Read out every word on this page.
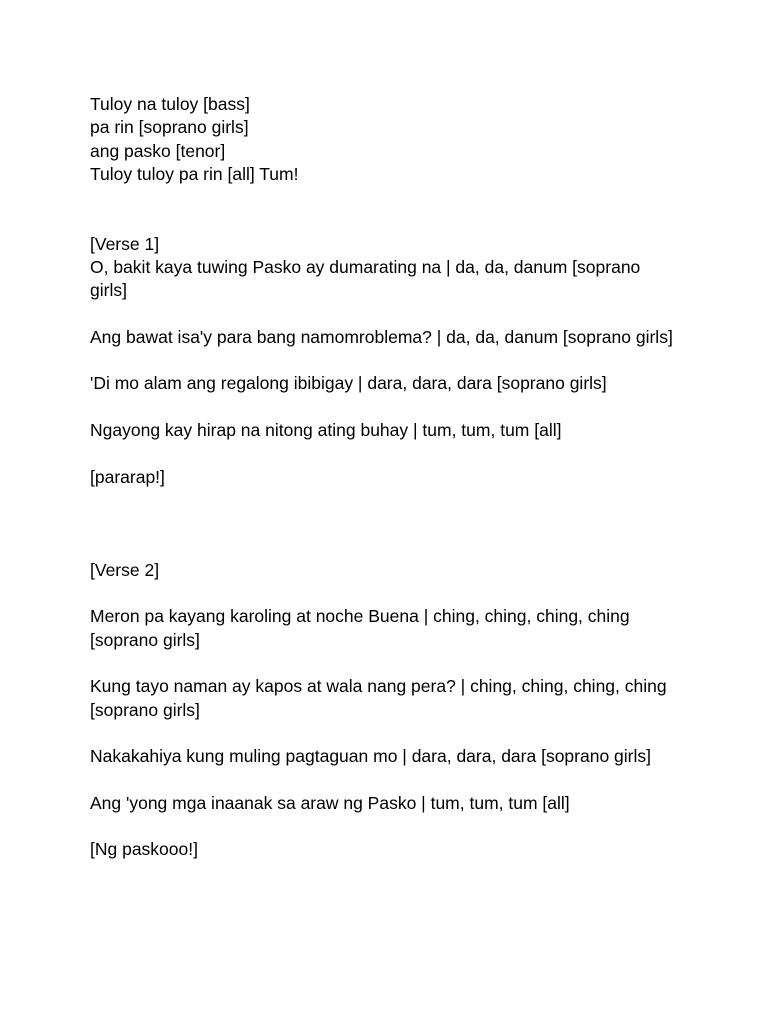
Tuloy na tuloy [bass]
pa rin [soprano girls]
ang pasko [tenor]
Tuloy tuloy pa rin [all] Tum!
[Verse 1]
O, bakit kaya tuwing Pasko ay dumarating na | da, da, danum [soprano girls]
Ang bawat isa'y para bang namomroblema? | da, da, danum [soprano girls]
'Di mo alam ang regalong ibibigay | dara, dara, dara [soprano girls]
Ngayong kay hirap na nitong ating buhay | tum, tum, tum [all]
[pararap!]
[Verse 2]
Meron pa kayang karoling at noche Buena | ching, ching, ching, ching [soprano girls]
Kung tayo naman ay kapos at wala nang pera? | ching, ching, ching, ching [soprano girls]
Nakakahiya kung muling pagtaguan mo | dara, dara, dara [soprano girls]
Ang 'yong mga inaanak sa araw ng Pasko | tum, tum, tum [all]
[Ng paskooo!]
